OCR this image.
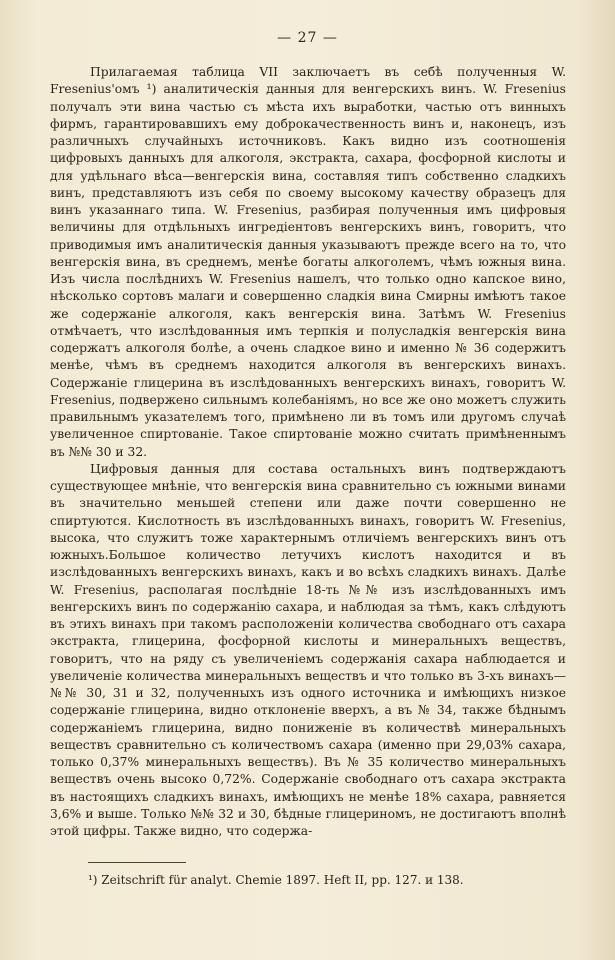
— 27 —

Прилагаемая таблица VII заключаетъ въ себѣ полученныя W. Fresenius'омъ ¹) аналитическія данныя для венгерскихъ винъ. W. Fresenius получалъ эти вина частью съ мѣста ихъ выработки, частью отъ винныхъ фирмъ, гарантировавшихъ ему доброкачественность винъ и, наконецъ, изъ различныхъ случайныхъ источниковъ. Какъ видно изъ соотношенія цифровыхъ данныхъ для алкоголя, экстракта, сахара, фосфорной кислоты и для удѣльнаго вѣса—венгерскія вина, составляя типъ собственно сладкихъ винъ, представляютъ изъ себя по своему высокому качеству образецъ для винъ указаннаго типа. W. Fresenius, разбирая полученныя имъ цифровыя величины для отдѣльныхъ ингредіентовъ венгерскихъ винъ, говоритъ, что приводимыя имъ аналитическія данныя указываютъ прежде всего на то, что венгерскія вина, въ среднемъ, менѣе богаты алкоголемъ, чѣмъ южныя вина. Изъ числа послѣднихъ W. Fresenius нашелъ, что только одно капское вино, нѣсколько сортовъ малаги и совершенно сладкія вина Смирны имѣютъ такое же содержаніе алкоголя, какъ венгерскія вина. Затѣмъ W. Fresenius отмѣчаетъ, что изслѣдованныя имъ терпкія и полусладкія венгерскія вина содержатъ алкоголя болѣе, а очень сладкое вино и именно № 36 содержитъ менѣе, чѣмъ въ среднемъ находится алкоголя въ венгерскихъ винахъ. Содержаніе глицерина въ изслѣдованныхъ венгерскихъ винахъ, говоритъ W. Fresenius, подвержено сильнымъ колебаніямъ, но все же оно можетъ служить правильнымъ указателемъ того, примѣнено ли въ томъ или другомъ случаѣ увеличенное спиртованіе. Такое спиртованіе можно считать примѣненнымъ въ №№ 30 и 32.

Цифровыя данныя для состава остальныхъ винъ подтверждаютъ существующее мнѣніе, что венгерскія вина сравнительно съ южными винами въ значительно меньшей степени или даже почти совершенно не спиртуются. Кислотность въ изслѣдованныхъ винахъ, говоритъ W. Fresenius, высока, что служитъ тоже характернымъ отличіемъ венгерскихъ винъ отъ южныхъ.Большое количество летучихъ кислотъ находится и въ изслѣдованныхъ венгерскихъ винахъ, какъ и во всѣхъ сладкихъ винахъ. Далѣе W. Fresenius, располагая послѣдніе 18-ть №№ изъ изслѣдованныхъ имъ венгерскихъ винъ по содержанію сахара, и наблюдая за тѣмъ, какъ слѣдуютъ въ этихъ винахъ при такомъ расположеніи количества свободнаго отъ сахара экстракта, глицерина, фосфорной кислоты и минеральныхъ веществъ, говоритъ, что на ряду съ увеличеніемъ содержанія сахара наблюдается и увеличеніе количества минеральныхъ веществъ и что только въ 3-хъ винахъ—№№ 30, 31 и 32, полученныхъ изъ одного источника и имѣющихъ низкое содержаніе глицерина, видно отклоненіе вверхъ, а въ № 34, также бѣднымъ содержаніемъ глицерина, видно пониженіе въ количествѣ минеральныхъ веществъ сравнительно съ количествомъ сахара (именно при 29,03% сахара, только 0,37% минеральныхъ веществъ). Въ № 35 количество минеральныхъ веществъ очень высоко 0,72%. Содержаніе свободнаго отъ сахара экстракта въ настоящихъ сладкихъ винахъ, имѣющихъ не менѣе 18% сахара, равняется 3,6% и выше. Только №№ 32 и 30, бѣдные глицериномъ, не достигаютъ вполнѣ этой цифры. Также видно, что содержа-

¹) Zeitschrift für analyt. Chemie 1897. Heft II, pp. 127. и 138.
